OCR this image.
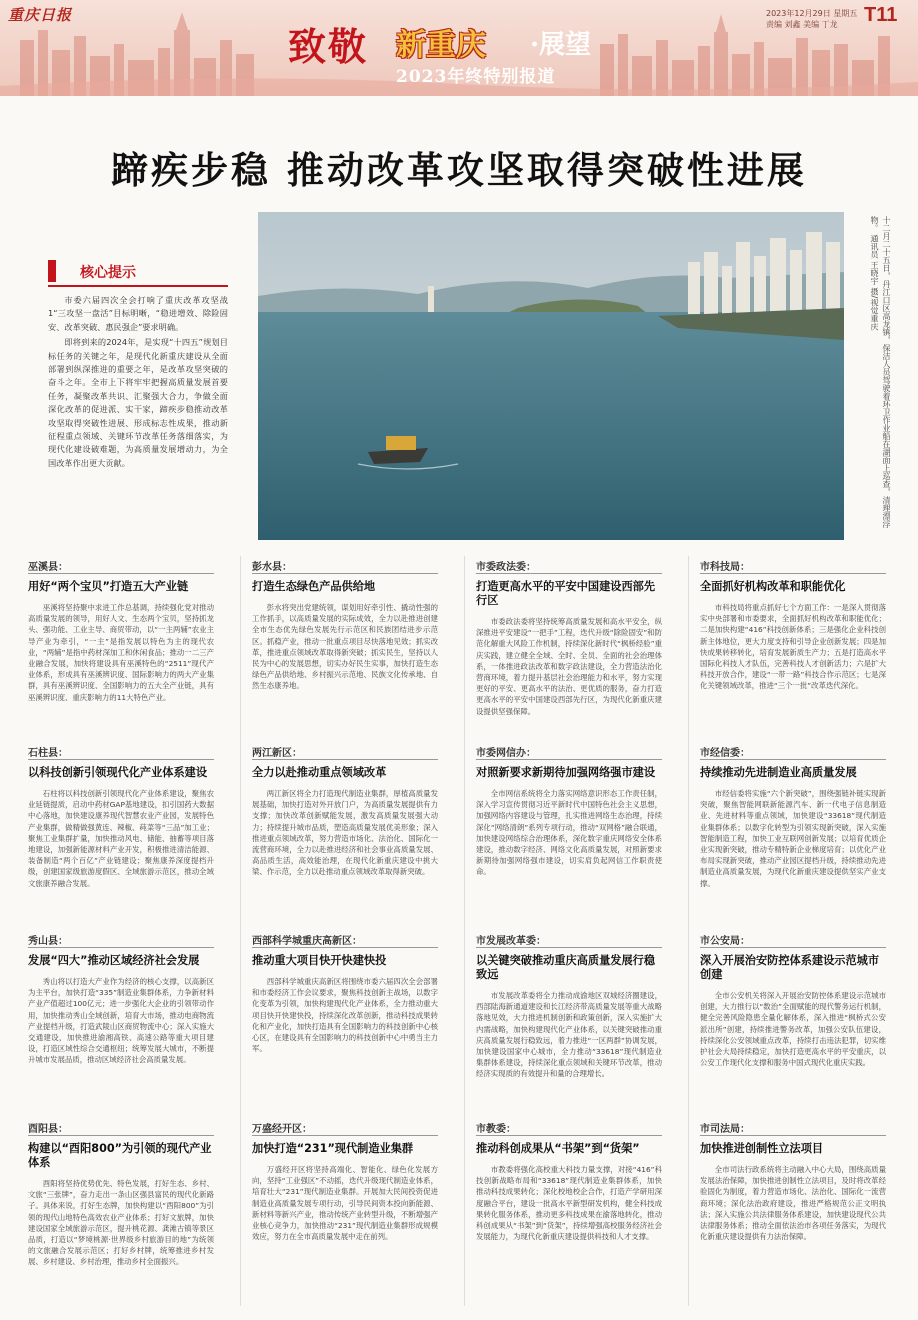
重庆日报
致敬 新重庆 ·展望
2023年终特别报道
2023年12月29日 星期五 责编 刘鑫 美编 丁龙	T11
蹄疾步稳 推动改革攻坚取得突破性进展
核心提示

市委六届四次全会打响了重庆改革攻坚战1“三攻坚一盘活”目标明晰，“稳进增效、除险固安、改革突破、惠民强企”要求明确。

即将到来的2024年，是实现“十四五”规划目标任务的关键之年，是现代化新重庆建设从全面部署到纵深推进的重要之年，是改革攻坚突破的奋斗之年。全市上下将牢牢把握高质量发展首要任务，凝聚改革共识、汇聚强大合力，争做全面深化改革的促进派、实干家，蹄疾步稳推动改革攻坚取得突破性进展、形成标志性成果，推动新征程重点领域、关键环节改革任务落细落实，为现代化建设破难题，为高质量发展增动力，为全国改革作出更大贡献。	十二月二十五日，丹江口区高龙镇，保洁人员驾驶着环卫作业船在湖面上巡查，清理漂浮物。 通讯员 王晓宇 摄/视觉重庆
巫溪县：
用好“两个宝贝”打造五大产业链
巫溪将坚持聚中求进工作总基调，持续强化党对推动高质量发展的领导，用好人文、生态两个宝贝，坚持抓龙头、强功能、工业主导、商贸带动，以“一主两辅”农业主导产业为牵引，“一主”是指发展以特色为主的现代农业，“两辅”是指中药材深加工和休闲食品；推动一二三产业融合发展，加快将建设具有巫溪特色的“2511”现代产业体系，形成具有巫溪辨识度、国际影响力的两大产业集群，具有巫溪辨识度、全国影响力的五大全产业链，具有巫溪辨识度、重庆影响力的11大特色产业。
彭水县：
打造生态绿色产品供给地
彭水将突出党建统领，谋划用好牵引性、撬动性强的工作抓手，以高质量发展的实际成效，全力以赴推进创建全市生态优先绿色发展先行示范区和民族团结进步示范区。抓稳产业，推动一批重点项目尽快落地见效；抓实改革，推进重点领域改革取得新突破；抓实民生，坚持以人民为中心的发展思想，切实办好民生实事，加快打造生态绿色产品供给地、乡村振兴示范地、民族文化传承地、自然生态康养地。
市委政法委：
打造更高水平的平安中国建设西部先行区
市委政法委将坚持统筹高质量发展和高水平安全，纵深推进平安建设“一把手”工程，迭代升级“除险固安”和防范化解重大风险工作机制，持续深化新时代“枫桥经验”重庆实践，建立健全全域、全时、全员、全面的社会治理体系，一体推进政法改革和数字政法建设，全力营造法治化营商环境，着力提升基层社会治理能力和水平，努力实现更好的平安、更高水平的法治、更优质的服务，奋力打造更高水平的平安中国建设西部先行区，为现代化新重庆建设提供坚强保障。
市科技局：
全面抓好机构改革和职能优化
市科技局将重点抓好七个方面工作：一是深入贯彻落实中央部署和市委要求，全面抓好机构改革和职能优化；二是加快构建“416”科技创新体系；三是强化企业科技创新主体地位，更大力度支持和引导企业创新发展；四是加快成果转移转化，培育发展新质生产力；五是打造高水平国际化科技人才队伍，完善科技人才创新活力；六是扩大科技开放合作，建设“一带一路”科技合作示范区；七是深化关键领域改革，推进“三个一批”改革迭代深化。
石柱县：
以科技创新引领现代化产业体系建设
石柱将以科技创新引领现代化产业体系建设，聚焦农业延链提质，启动中药材GAP基地建设，扣引国药大数据中心落地，加快建设康养现代智慧农业产业园，发展特色产业集群，做精做强黄连、辣椒、莼菜等“三品”加工业；聚焦工业集群扩量，加快推动风电、储能、抽蓄等项目落地建设，加强新能源材料产业开发，积极推进清洁能源、装备制造“两个百亿”产业链建设；聚焦康养深度提档升级，创建国家级旅游度假区、全域旅游示范区，推动全域文旅康养融合发展。
两江新区：
全力以赴推动重点领域改革
两江新区将全力打造现代制造业集群，厚植高质量发展基础，加快打造对外开放门户，为高质量发展提供有力支撑；加快改革创新赋能发展，激发高质量发展强大动力；持续提升城市品质，塑造高质量发展优美形象；深入推进重点领域改革，努力营造市场化、法治化、国际化一流营商环境，全力以赴推进经济和社会事业高质量发展、高品质生活，高效能治理，在现代化新重庆建设中挑大梁、作示范，全力以赴推动重点领域改革取得新突破。
市委网信办：
对照新要求新期待加强网络强市建设
全市网信系统将全力落实网络意识形态工作责任制，深入学习宣传贯彻习近平新时代中国特色社会主义思想，加强网络内容建设与管理，扎实推进网络生态治理，持续深化“网络清朗”系列专项行动，推动“双网格”融合联通，加快建设网络综合治理体系，深化数字重庆网络安全体系建设，推动数字经济、网络文化高质量发展，对照新要求新期待加强网络强市建设，切实肩负起网信工作职责使命。
市经信委：
持续推动先进制造业高质量发展
市经信委将实施“六个新突破”，围绕强链补链实现新突破，聚焦智能网联新能源汽车、新一代电子信息制造业、先进材料等重点领域，加快建设“33618”现代制造业集群体系；以数字化转型为引领实现新突破，深入实施智能制造工程，加快工业互联网创新发展；以培育优质企业实现新突破，推动专精特新企业梯度培育；以优化产业布局实现新突破，推动产业园区提档升级，持续推动先进制造业高质量发展，为现代化新重庆建设提供坚实产业支撑。
秀山县：
发展“四大”推动区域经济社会发展
秀山将以打造大产业作为经济的核心支撑，以高新区为主平台，加快打造“335”制造业集群体系，力争新材料产业产值超过100亿元；进一步强化大企业的引领带动作用，加快推动秀山全域创新，培育大市场，推动电商物流产业提档升级，打造武陵山区商贸物流中心；深入实施大交通建设，加快推进渝湘高铁、高速公路等重大项目建设，打造区域性综合交通枢纽；统筹发展大城市，不断提升城市发展品质，推动区域经济社会高质量发展。
西部科学城重庆高新区：
推动重大项目快开快建快投
西部科学城重庆高新区将围绕市委六届四次全会部署和市委经济工作会议要求，聚焦科技创新主战场，以数字化变革为引领，加快构建现代化产业体系，全力推动重大项目快开快建快投，持续深化改革创新，推动科技成果转化和产业化，加快打造具有全国影响力的科技创新中心核心区，在建设具有全国影响力的科技创新中心中勇当主力军。
市发展改革委：
以关键突破推动重庆高质量发展行稳致远
市发展改革委将全力推动成渝地区双城经济圈建设，西部陆海新通道建设和长江经济带高质量发展等重大战略落地见效，大力推进机制创新和政策创新，深入实施扩大内需战略，加快构建现代化产业体系，以关键突破推动重庆高质量发展行稳致远，着力推进“一区两群”协调发展，加快建设国家中心城市，全力推动“33618”现代制造业集群体系建设，持续深化重点领域和关键环节改革，推动经济实现质的有效提升和量的合理增长。
市公安局：
深入开展治安防控体系建设示范城市创建
全市公安机关将深入开展治安防控体系建设示范城市创建，大力推行以“数治”全面赋能的现代警务运行机制，健全完善风险隐患全量化解体系，深入推进“枫桥式公安派出所”创建，持续推进警务改革，加强公安队伍建设，持续深化公安领域重点改革，持续打击违法犯罪，切实维护社会大局持续稳定，加快打造更高水平的平安重庆，以公安工作现代化支撑和服务中国式现代化重庆实践。
酉阳县：
构建以“酉阳800”为引领的现代产业体系
酉阳将坚持优势优先、特色发展，打好生态、乡村、文旅“三张牌”，奋力走出一条山区强县富民的现代化新路子。具体来说，打好生态牌，加快构建以“酉阳800”为引领的现代山地特色高效农业产业体系；打好文旅牌，加快建设国家全域旅游示范区，提升桃花源、龚滩古镇等景区品质，打造以“梦境桃源·世界级乡村旅游目的地”为统领的文旅融合发展示范区；打好乡村牌，统筹推进乡村发展、乡村建设、乡村治理，推动乡村全面振兴。
万盛经开区：
加快打造“231”现代制造业集群
万盛经开区将坚持高端化、智能化、绿色化发展方向，坚持“工业强区”不动摇，迭代升级现代制造业体系，培育壮大“231”现代制造业集群。开展加大民间投资促进制造业高质量发展专项行动，引导民间资本投向新能源、新材料等新兴产业，推动传统产业转型升级，不断增强产业核心竞争力，加快推动“231”现代制造业集群形成规模效应，努力在全市高质量发展中走在前列。
市教委：
推动科创成果从“书架”到“货架”
市教委将强化高校重大科技力量支撑，对接“416”科技创新战略布局和“33618”现代制造业集群体系，加快推动科技成果转化；深化校地校企合作，打造产学研用深度融合平台，建设一批高水平新型研发机构，健全科技成果转化服务体系，推动更多科技成果在渝落地转化，推动科创成果从“书架”到“货架”，持续增强高校服务经济社会发展能力，为现代化新重庆建设提供科技和人才支撑。
市司法局：
加快推进创制性立法项目
全市司法行政系统将主动融入中心大局，围绕高质量发展法治保障，加快推进创制性立法项目，及时将改革经验固化为制度，着力营造市场化、法治化、国际化一流营商环境；深化法治政府建设，推进严格规范公正文明执法；深入实施公共法律服务体系建设，加快建设现代公共法律服务体系；推动全面依法治市各项任务落实，为现代化新重庆建设提供有力法治保障。
